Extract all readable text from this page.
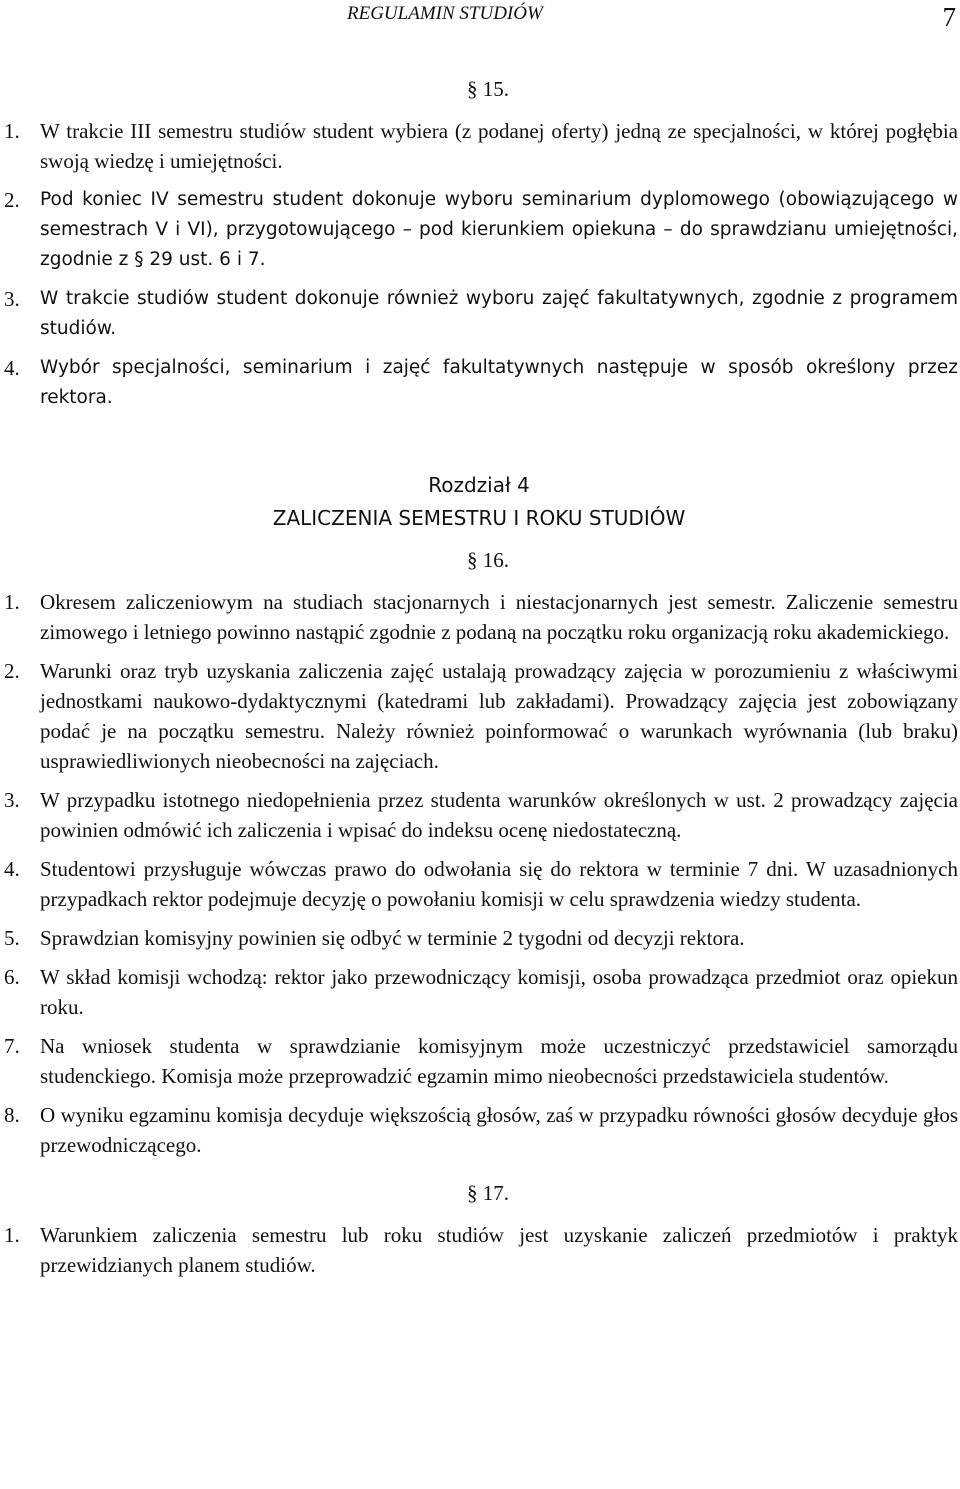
REGULAMIN STUDIÓW	7
§ 15.
1. W trakcie III semestru studiów student wybiera (z podanej oferty) jedną ze specjalności, w której pogłębia swoją wiedzę i umiejętności.
2. Pod koniec IV semestru student dokonuje wyboru seminarium dyplomowego (obowiązującego w semestrach V i VI), przygotowującego – pod kierunkiem opiekuna – do sprawdzianu umiejętności, zgodnie z § 29 ust. 6 i 7.
3. W trakcie studiów student dokonuje również wyboru zajęć fakultatywnych, zgodnie z programem studiów.
4. Wybór specjalności, seminarium i zajęć fakultatywnych następuje w sposób określony przez rektora.
Rozdział 4
ZALICZENIA SEMESTRU I ROKU STUDIÓW
§ 16.
1. Okresem zaliczeniowym na studiach stacjonarnych i niestacjonarnych jest semestr. Zaliczenie semestru zimowego i letniego powinno nastąpić zgodnie z podaną na początku roku organizacją roku akademickiego.
2. Warunki oraz tryb uzyskania zaliczenia zajęć ustalają prowadzący zajęcia w porozumieniu z właściwymi jednostkami naukowo-dydaktycznymi (katedrami lub zakładami). Prowadzący zajęcia jest zobowiązany podać je na początku semestru. Należy również poinformować o warunkach wyrównania (lub braku) usprawiedliwionych nieobecności na zajęciach.
3. W przypadku istotnego niedopełnienia przez studenta warunków określonych w ust. 2 prowadzący zajęcia powinien odmówić ich zaliczenia i wpisać do indeksu ocenę niedostateczną.
4. Studentowi przysługuje wówczas prawo do odwołania się do rektora w terminie 7 dni. W uzasadnionych przypadkach rektor podejmuje decyzję o powołaniu komisji w celu sprawdzenia wiedzy studenta.
5. Sprawdzian komisyjny powinien się odbyć w terminie 2 tygodni od decyzji rektora.
6. W skład komisji wchodzą: rektor jako przewodniczący komisji, osoba prowadząca przedmiot oraz opiekun roku.
7. Na wniosek studenta w sprawdzianie komisyjnym może uczestniczyć przedstawiciel samorządu studenckiego. Komisja może przeprowadzić egzamin mimo nieobecności przedstawiciela studentów.
8. O wyniku egzaminu komisja decyduje większością głosów, zaś w przypadku równości głosów decyduje głos przewodniczącego.
§ 17.
1. Warunkiem zaliczenia semestru lub roku studiów jest uzyskanie zaliczeń przedmiotów i praktyk przewidzianych planem studiów.
